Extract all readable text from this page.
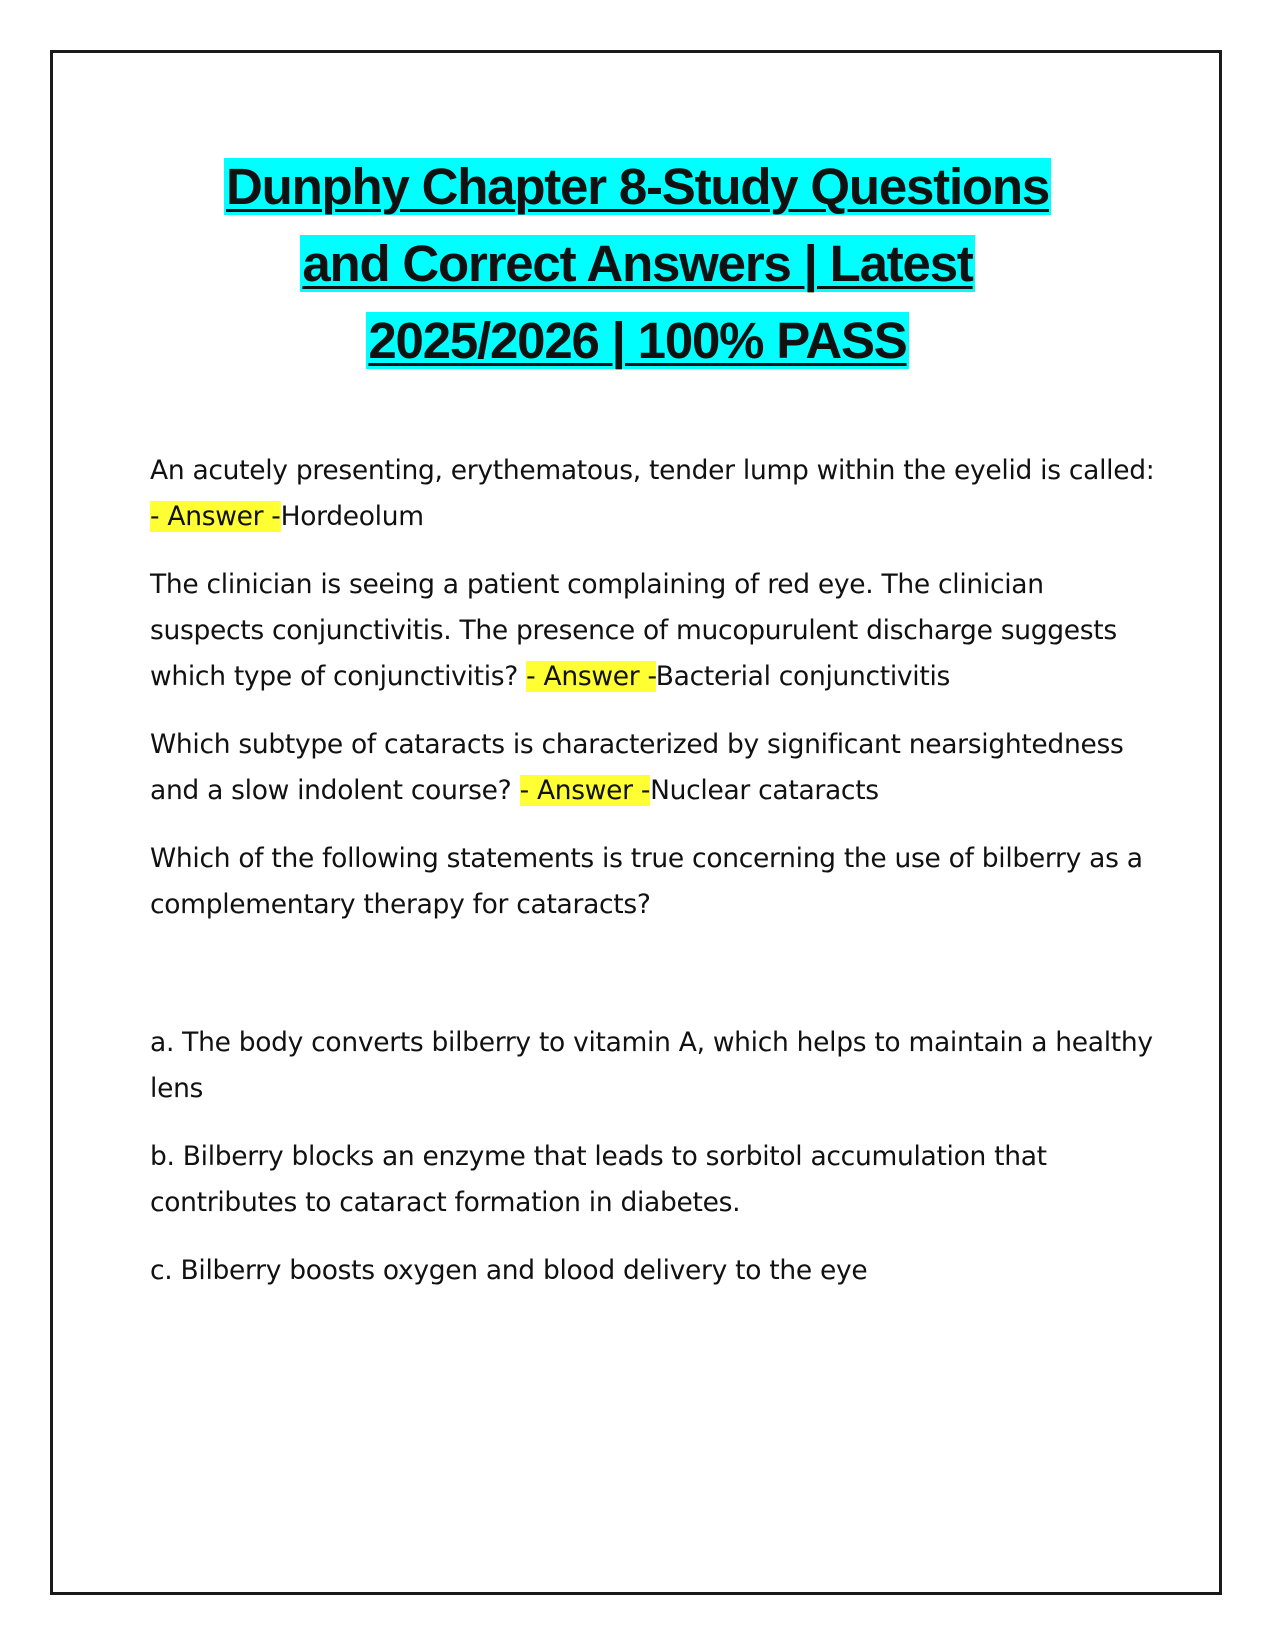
Dunphy Chapter 8-Study Questions
and Correct Answers | Latest
2025/2026 | 100% PASS

An acutely presenting, erythematous, tender lump within the eyelid is called: - Answer -Hordeolum

The clinician is seeing a patient complaining of red eye. The clinician suspects conjunctivitis. The presence of mucopurulent discharge suggests which type of conjunctivitis? - Answer -Bacterial conjunctivitis

Which subtype of cataracts is characterized by significant nearsightedness and a slow indolent course? - Answer -Nuclear cataracts

Which of the following statements is true concerning the use of bilberry as a complementary therapy for cataracts?

a. The body converts bilberry to vitamin A, which helps to maintain a healthy lens

b. Bilberry blocks an enzyme that leads to sorbitol accumulation that contributes to cataract formation in diabetes.

c. Bilberry boosts oxygen and blood delivery to the eye
